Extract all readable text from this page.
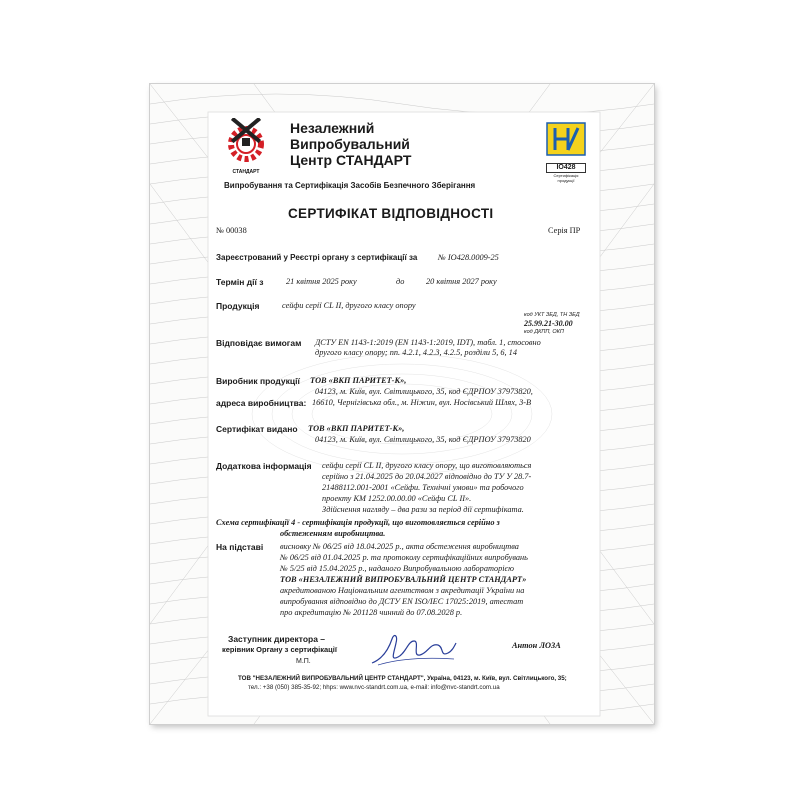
СТАНДАРТ
Незалежний
Випробувальний
Центр СТАНДАРТ	IO428
Сертифікація продукції
Випробування та Сертифікація Засобів Безпечного Зберігання
СЕРТИФІКАТ ВІДПОВІДНОСТІ
№ 00038	Серія ПР
Зареєстрований у Реєстрі органу з сертифікації за № IO428.0009-25
Термін дії з	21 квітня 2025 року	до	20 квітня 2027 року
Продукція	сейфи серії CL II, другого класу опору
код УКТ ЗЕД, ТН ЗЕД
25.99.21-30.00
код ДКПП, ОКП
Відповідає вимогам ДСТУ EN 1143-1:2019 (EN 1143-1:2019, IDT), табл. 1, стосовно
другого класу опору; пп. 4.2.1, 4.2.3, 4.2.5, розділи 5, 6, 14
Виробник продукції ТОВ «ВКП ПАРИТЕТ-К»,
04123, м. Київ, вул. Світлицького, 35, код ЄДРПОУ 37973820,
адреса виробництва: 16610, Чернігівська обл., м. Ніжин, вул. Носівський Шлях, 3-В
Сертифікат видано ТОВ «ВКП ПАРИТЕТ-К»,
04123, м. Київ, вул. Світлицького, 35, код ЄДРПОУ 37973820
Додаткова інформація сейфи серії CL II, другого класу опору, що виготовляються
серійно з 21.04.2025 до 20.04.2027 відповідно до ТУ У 28.7-
21488112.001-2001 «Сейфи. Технічні умови» та робочого
проекту КМ 1252.00.00.00 «Сейфи CL II».
Здійснення нагляду – два рази за період дії сертифіката.
Схема сертифікації 4 - сертифікація продукції, що виготовляється серійно з
обстеженням виробництва.
На підставі висновку № 06/25 від 18.04.2025 р., акта обстеження виробництва
№ 06/25 від 01.04.2025 р. та протоколу сертифікаційних випробувань
№ 5/25 від 15.04.2025 р., наданого Випробувальною лабораторією
ТОВ «НЕЗАЛЕЖНИЙ ВИПРОБУВАЛЬНИЙ ЦЕНТР СТАНДАРТ»
акредитованою Національним агентством з акредитації України на
випробування відповідно до ДСТУ EN ISO/IEC 17025:2019, атестат
про акредитацію № 201128 чинний до 07.08.2028 р.
Заступник директора –
керівник Органу з сертифікації
М.П.
Антон ЛОЗА
ТОВ "НЕЗАЛЕЖНИЙ ВИПРОБУВАЛЬНИЙ ЦЕНТР СТАНДАРТ", Україна, 04123, м. Київ, вул. Світлицького, 35;
тел.: +38 (050) 385-35-92; hhps: www.nvc-standrt.com.ua, e-mail: info@nvc-standrt.com.ua
